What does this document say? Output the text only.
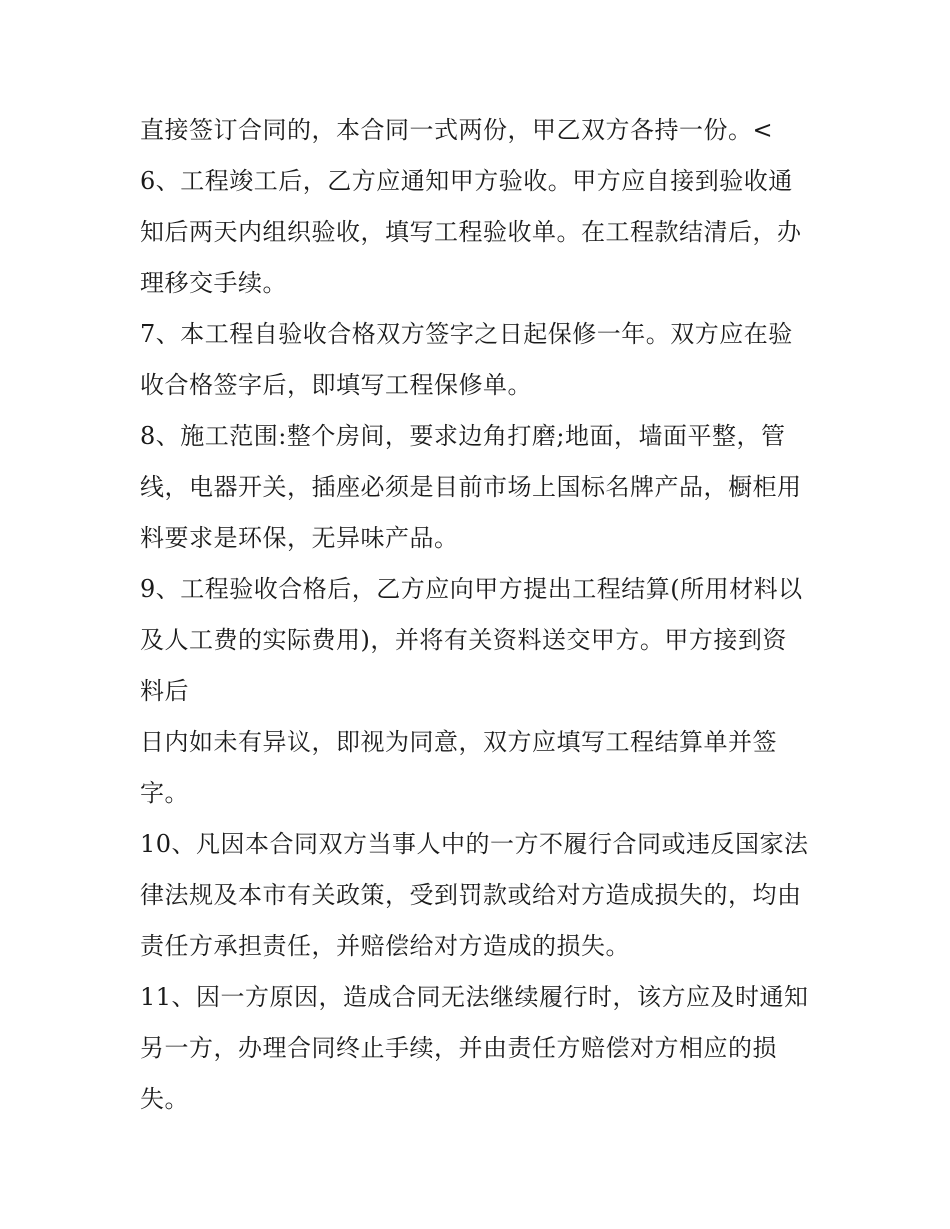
直接签订合同的，本合同一式两份，甲乙双方各持一份。<
6、工程竣工后，乙方应通知甲方验收。甲方应自接到验收通
知后两天内组织验收，填写工程验收单。在工程款结清后，办
理移交手续。
7、本工程自验收合格双方签字之日起保修一年。双方应在验
收合格签字后，即填写工程保修单。
8、施工范围:整个房间，要求边角打磨;地面，墙面平整，管
线，电器开关，插座必须是目前市场上国标名牌产品，橱柜用
料要求是环保，无异味产品。
9、工程验收合格后，乙方应向甲方提出工程结算(所用材料以
及人工费的实际费用)，并将有关资料送交甲方。甲方接到资
料后
日内如未有异议，即视为同意，双方应填写工程结算单并签
字。
10、凡因本合同双方当事人中的一方不履行合同或违反国家法
律法规及本市有关政策，受到罚款或给对方造成损失的，均由
责任方承担责任，并赔偿给对方造成的损失。
11、因一方原因，造成合同无法继续履行时，该方应及时通知
另一方，办理合同终止手续，并由责任方赔偿对方相应的损
失。
